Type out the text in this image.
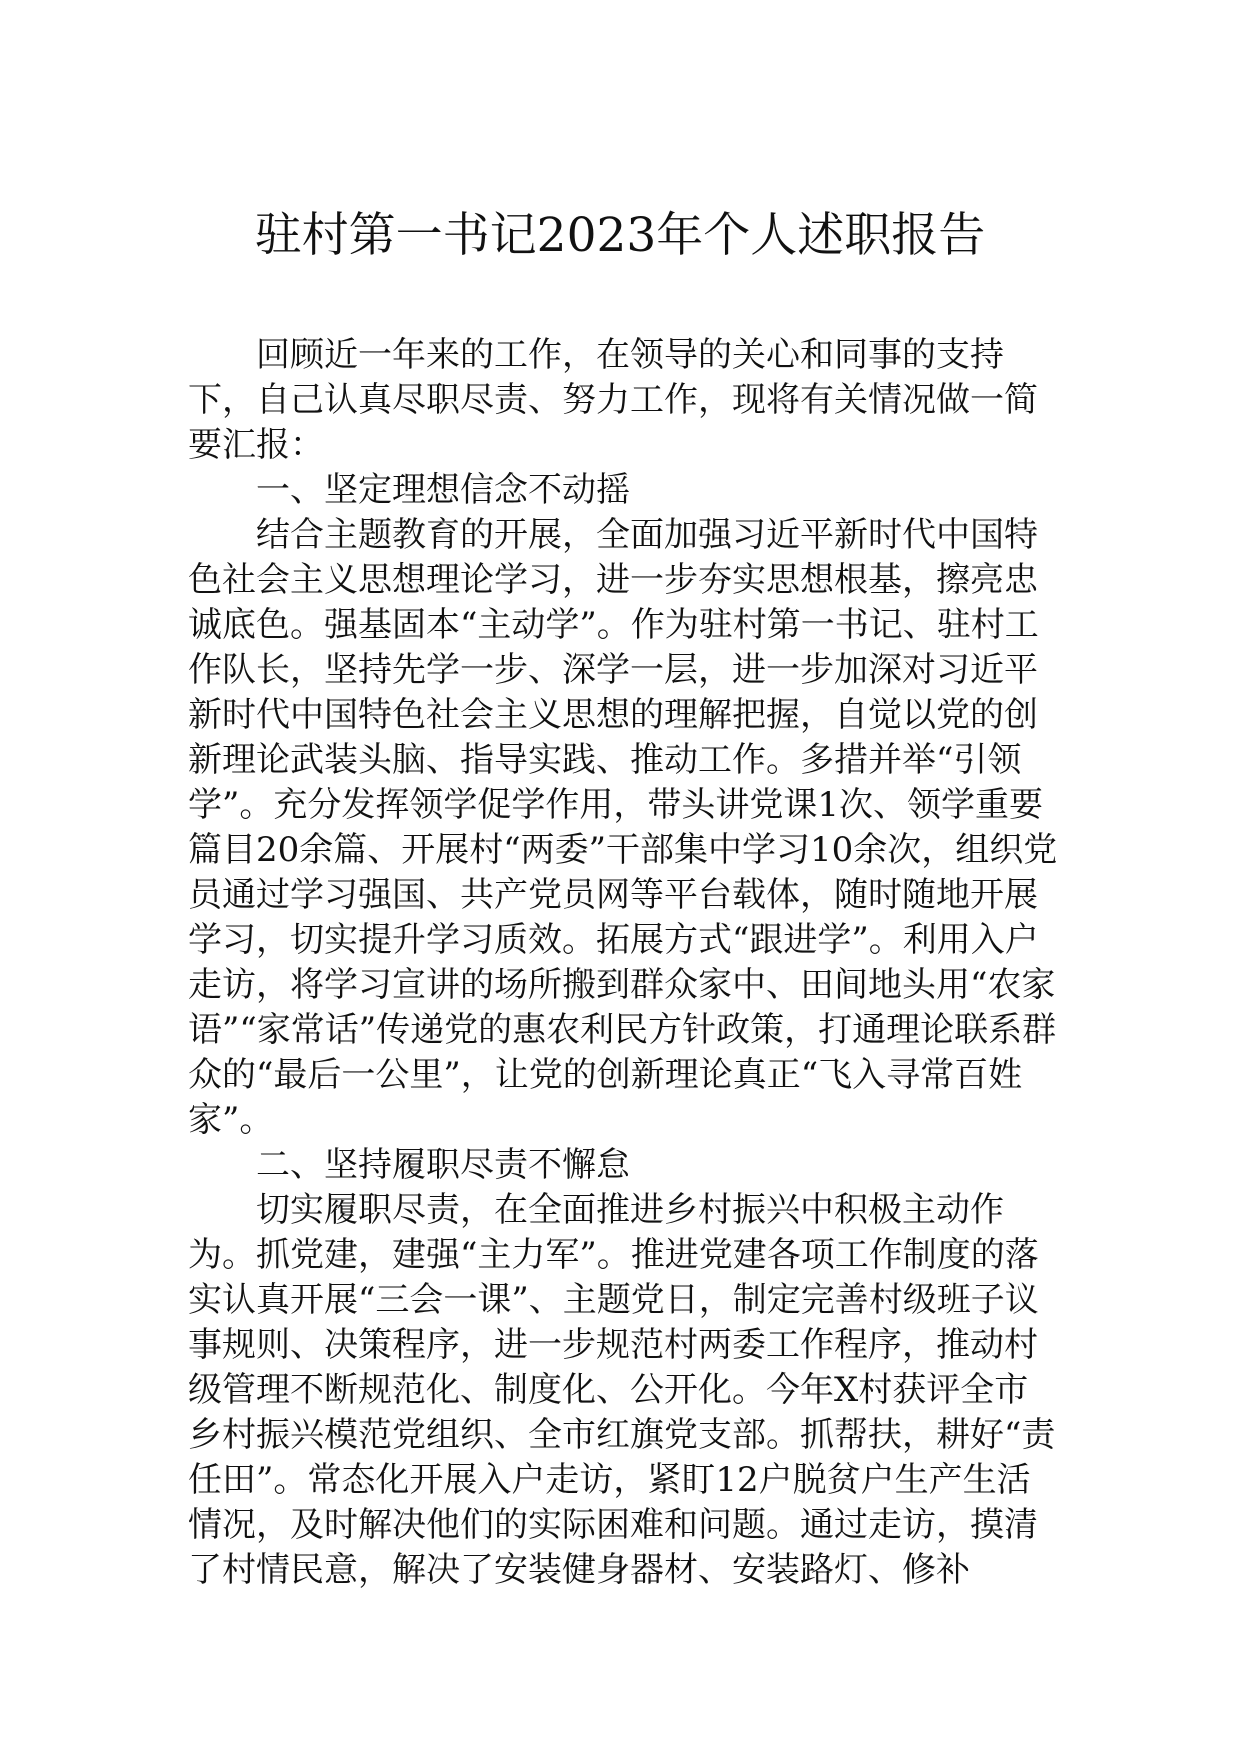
驻村第一书记2023年个人述职报告

回顾近一年来的工作，在领导的关心和同事的支持下，自己认真尽职尽责、努力工作，现将有关情况做一简要汇报：

一、坚定理想信念不动摇

结合主题教育的开展，全面加强习近平新时代中国特色社会主义思想理论学习，进一步夯实思想根基，擦亮忠诚底色。强基固本“主动学”。作为驻村第一书记、驻村工作队长，坚持先学一步、深学一层，进一步加深对习近平新时代中国特色社会主义思想的理解把握，自觉以党的创新理论武装头脑、指导实践、推动工作。多措并举“引领学”。充分发挥领学促学作用，带头讲党课1次、领学重要篇目20余篇、开展村“两委”干部集中学习10余次，组织党员通过学习强国、共产党员网等平台载体，随时随地开展学习，切实提升学习质效。拓展方式“跟进学”。利用入户走访，将学习宣讲的场所搬到群众家中、田间地头用“农家语”“家常话”传递党的惠农利民方针政策，打通理论联系群众的“最后一公里”，让党的创新理论真正“飞入寻常百姓家”。

二、坚持履职尽责不懈怠

切实履职尽责，在全面推进乡村振兴中积极主动作为。抓党建，建强“主力军”。推进党建各项工作制度的落实认真开展“三会一课”、主题党日，制定完善村级班子议事规则、决策程序，进一步规范村两委工作程序，推动村级管理不断规范化、制度化、公开化。今年X村获评全市乡村振兴模范党组织、全市红旗党支部。抓帮扶，耕好“责任田”。常态化开展入户走访，紧盯12户脱贫户生产生活情况，及时解决他们的实际困难和问题。通过走访，摸清了村情民意，解决了安装健身器材、安装路灯、修补
